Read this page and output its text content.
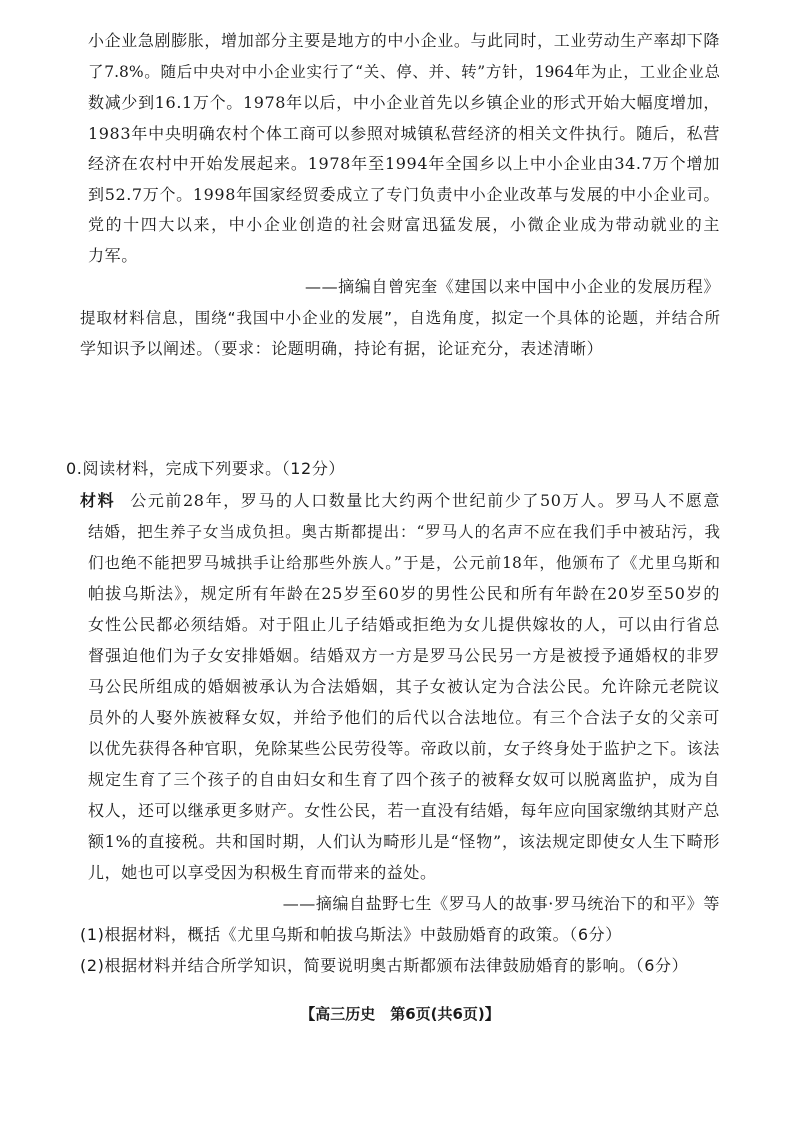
小企业急剧膨胀，增加部分主要是地方的中小企业。与此同时，工业劳动生产率却下降
了7.8%。随后中央对中小企业实行了“关、停、并、转”方针，1964年为止，工业企业总
数减少到16.1万个。1978年以后，中小企业首先以乡镇企业的形式开始大幅度增加，
1983年中央明确农村个体工商可以参照对城镇私营经济的相关文件执行。随后，私营
经济在农村中开始发展起来。1978年至1994年全国乡以上中小企业由34.7万个增加
到52.7万个。1998年国家经贸委成立了专门负责中小企业改革与发展的中小企业司。
党的十四大以来，中小企业创造的社会财富迅猛发展，小微企业成为带动就业的主
力军。
——摘编自曾宪奎《建国以来中国中小企业的发展历程》
提取材料信息，围绕“我国中小企业的发展”，自选角度，拟定一个具体的论题，并结合所
学知识予以阐述。（要求：论题明确，持论有据，论证充分，表述清晰）
0.阅读材料，完成下列要求。（12分）
材料 公元前28年，罗马的人口数量比大约两个世纪前少了50万人。罗马人不愿意
结婚，把生养子女当成负担。奥古斯都提出：“罗马人的名声不应在我们手中被玷污，我
们也绝不能把罗马城拱手让给那些外族人。”于是，公元前18年，他颁布了《尤里乌斯和
帕拔乌斯法》，规定所有年龄在25岁至60岁的男性公民和所有年龄在20岁至50岁的
女性公民都必须结婚。对于阻止儿子结婚或拒绝为女儿提供嫁妆的人，可以由行省总
督强迫他们为子女安排婚姻。结婚双方一方是罗马公民另一方是被授予通婚权的非罗
马公民所组成的婚姻被承认为合法婚姻，其子女被认定为合法公民。允许除元老院议
员外的人娶外族被释女奴，并给予他们的后代以合法地位。有三个合法子女的父亲可
以优先获得各种官职，免除某些公民劳役等。帝政以前，女子终身处于监护之下。该法
规定生育了三个孩子的自由妇女和生育了四个孩子的被释女奴可以脱离监护，成为自
权人，还可以继承更多财产。女性公民，若一直没有结婚，每年应向国家缴纳其财产总
额1%的直接税。共和国时期，人们认为畸形儿是“怪物”，该法规定即使女人生下畸形
儿，她也可以享受因为积极生育而带来的益处。
——摘编自盐野七生《罗马人的故事·罗马统治下的和平》等
(1)根据材料，概括《尤里乌斯和帕拔乌斯法》中鼓励婚育的政策。（6分）
(2)根据材料并结合所学知识，简要说明奥古斯都颁布法律鼓励婚育的影响。（6分）
【高三历史　第6页(共6页)】
